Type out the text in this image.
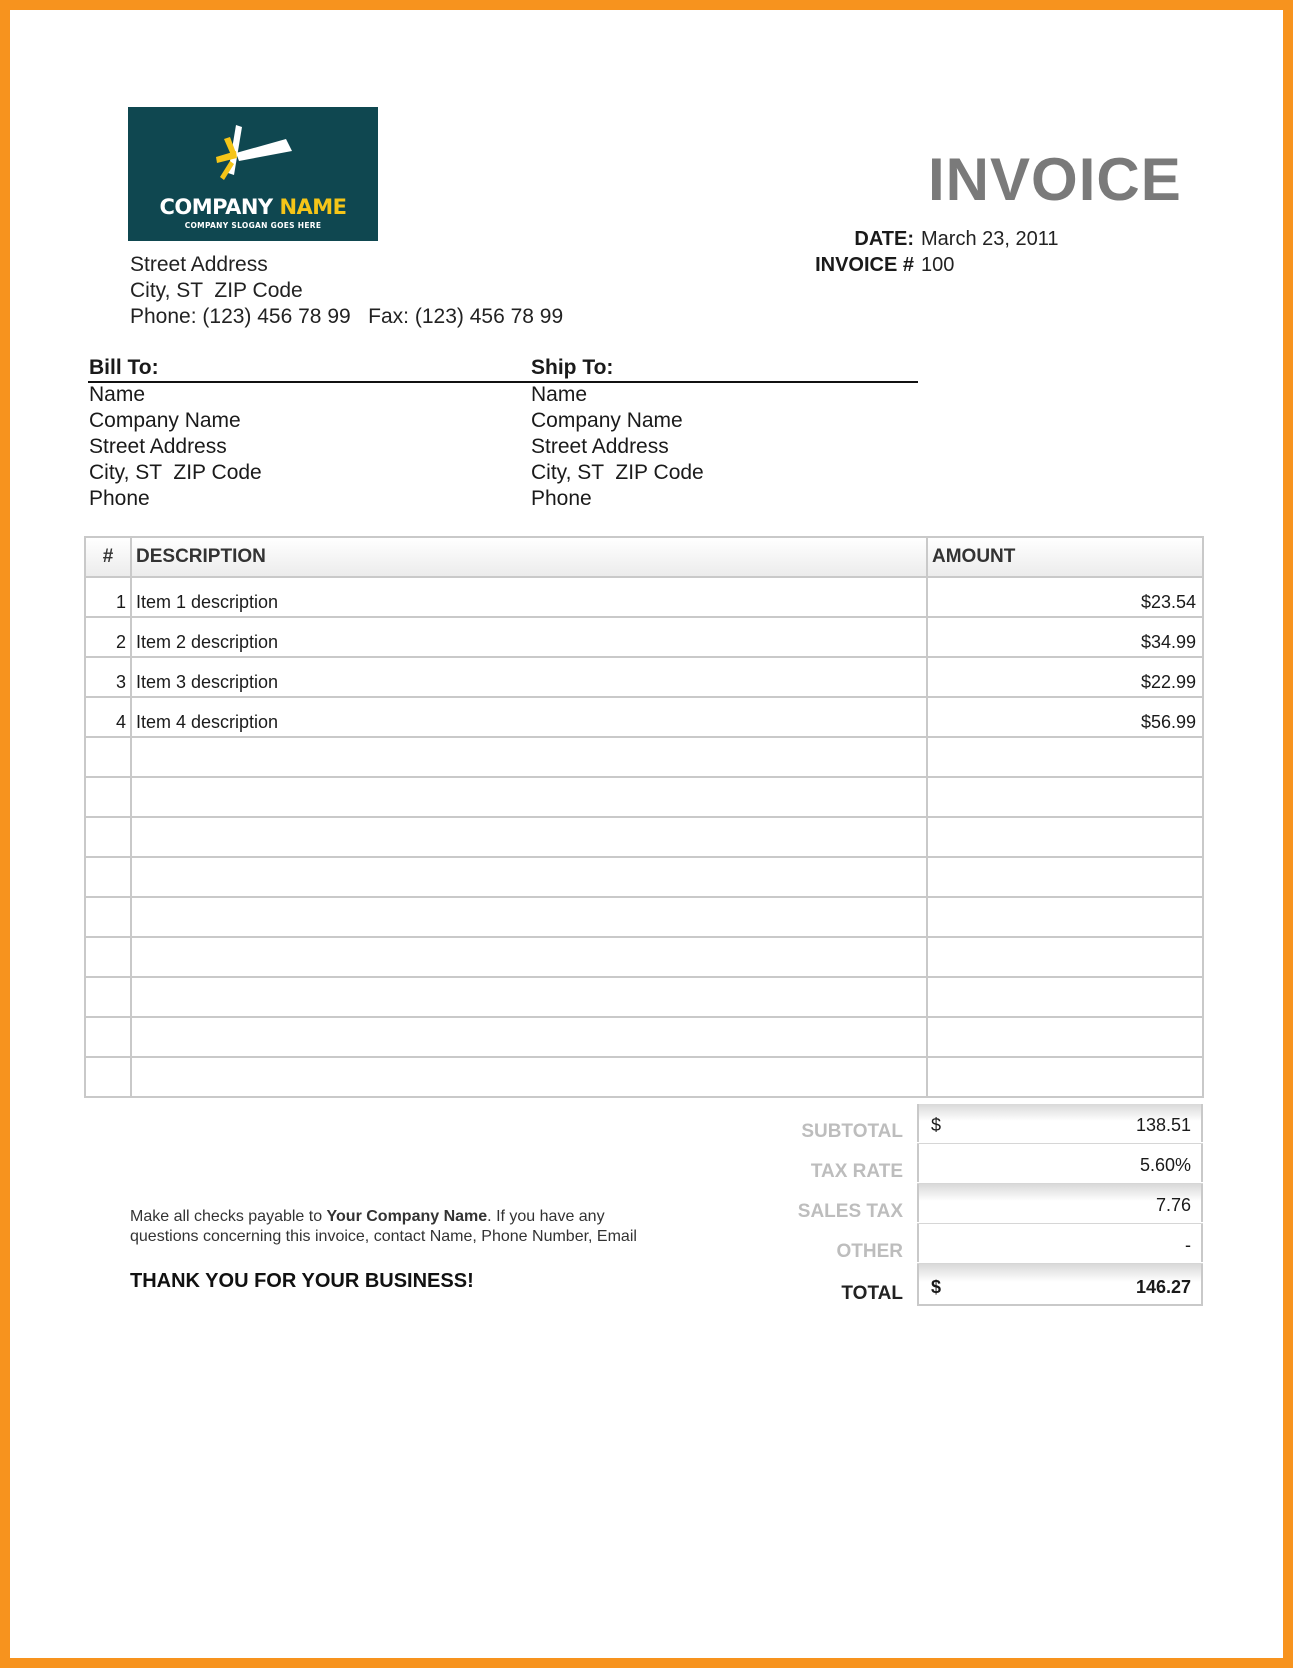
COMPANY NAME
COMPANY SLOGAN GOES HERE
Street Address
City, ST  ZIP Code
Phone: (123) 456 78 99   Fax: (123) 456 78 99
INVOICE
DATE: March 23, 2011
INVOICE # 100
Bill To:	Ship To:
Name
Company Name
Street Address
City, ST  ZIP Code
Phone
Name
Company Name
Street Address
City, ST  ZIP Code
Phone
#	DESCRIPTION	AMOUNT
1	Item 1 description	$23.54
2	Item 2 description	$34.99
3	Item 3 description	$22.99
4	Item 4 description	$56.99

SUBTOTAL $	138.51
TAX RATE	5.60%
SALES TAX	7.76
OTHER	-
TOTAL $	146.27
Make all checks payable to Your Company Name. If you have any
questions concerning this invoice, contact Name, Phone Number, Email
THANK YOU FOR YOUR BUSINESS!
